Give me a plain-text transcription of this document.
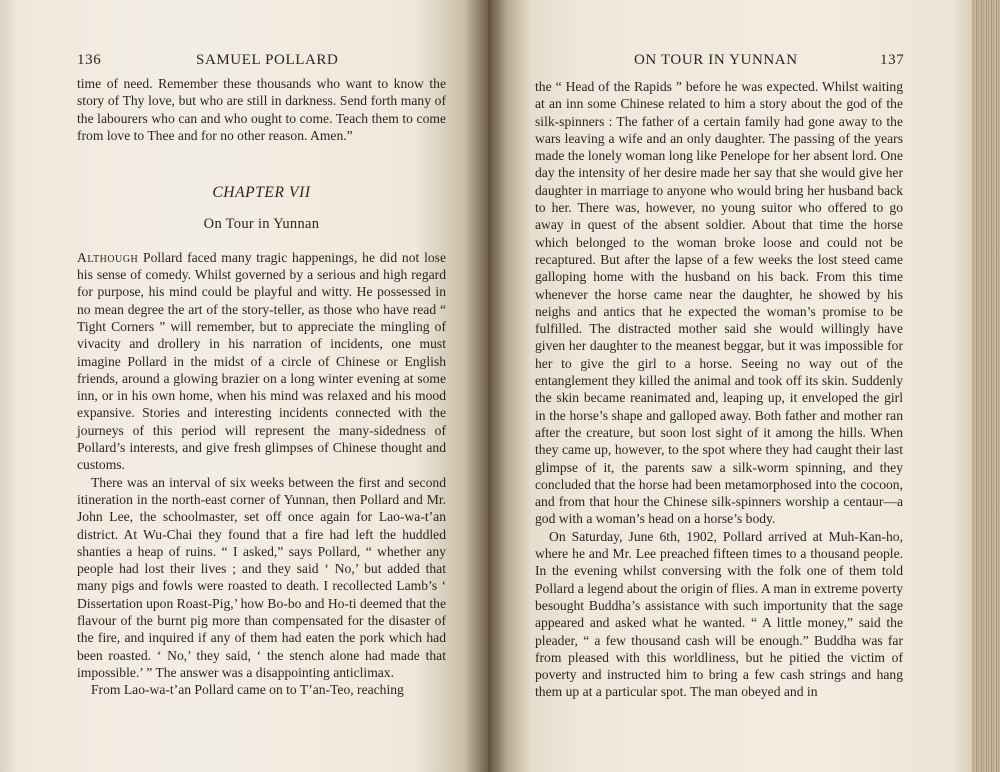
136	SAMUEL POLLARD

time of need. Remember these thousands who want to know the story of Thy love, but who are still in darkness. Send forth many of the labourers who can and who ought to come. Teach them to come from love to Thee and for no other reason. Amen.”

CHAPTER VII
On Tour in Yunnan

Although Pollard faced many tragic happenings, he did not lose his sense of comedy. Whilst governed by a serious and high regard for purpose, his mind could be playful and witty. He possessed in no mean degree the art of the story-teller, as those who have read “ Tight Corners ” will remember, but to appreciate the mingling of vivacity and drollery in his narration of incidents, one must imagine Pollard in the midst of a circle of Chinese or English friends, around a glowing brazier on a long winter evening at some inn, or in his own home, when his mind was relaxed and his mood expansive. Stories and interesting incidents connected with the journeys of this period will represent the many-sidedness of Pollard’s interests, and give fresh glimpses of Chinese thought and customs.

There was an interval of six weeks between the first and second itineration in the north-east corner of Yunnan, then Pollard and Mr. John Lee, the schoolmaster, set off once again for Lao-wa-t’an district. At Wu-Chai they found that a fire had left the huddled shanties a heap of ruins. “ I asked,” says Pollard, “ whether any people had lost their lives ; and they said ‘ No,’ but added that many pigs and fowls were roasted to death. I recollected Lamb’s ‘ Dissertation upon Roast-Pig,’ how Bo-bo and Ho-ti deemed that the flavour of the burnt pig more than compensated for the disaster of the fire, and inquired if any of them had eaten the pork which had been roasted. ‘ No,’ they said, ‘ the stench alone had made that impossible.’ ” The answer was a disappointing anticlimax.

From Lao-wa-t’an Pollard came on to T’an-Teo, reaching

ON TOUR IN YUNNAN	137

the “ Head of the Rapids ” before he was expected. Whilst waiting at an inn some Chinese related to him a story about the god of the silk-spinners : The father of a certain family had gone away to the wars leaving a wife and an only daughter. The passing of the years made the lonely woman long like Penelope for her absent lord. One day the intensity of her desire made her say that she would give her daughter in marriage to anyone who would bring her husband back to her. There was, however, no young suitor who offered to go away in quest of the absent soldier. About that time the horse which belonged to the woman broke loose and could not be recaptured. But after the lapse of a few weeks the lost steed came galloping home with the husband on his back. From this time whenever the horse came near the daughter, he showed by his neighs and antics that he expected the woman’s promise to be fulfilled. The distracted mother said she would willingly have given her daughter to the meanest beggar, but it was impossible for her to give the girl to a horse. Seeing no way out of the entanglement they killed the animal and took off its skin. Suddenly the skin became reanimated and, leaping up, it enveloped the girl in the horse’s shape and galloped away. Both father and mother ran after the creature, but soon lost sight of it among the hills. When they came up, however, to the spot where they had caught their last glimpse of it, the parents saw a silk-worm spinning, and they concluded that the horse had been metamorphosed into the cocoon, and from that hour the Chinese silk-spinners worship a centaur—a god with a woman’s head on a horse’s body.

On Saturday, June 6th, 1902, Pollard arrived at Muh-Kan-ho, where he and Mr. Lee preached fifteen times to a thousand people. In the evening whilst conversing with the folk one of them told Pollard a legend about the origin of flies. A man in extreme poverty besought Buddha’s assistance with such importunity that the sage appeared and asked what he wanted. “ A little money,” said the pleader, “ a few thousand cash will be enough.” Buddha was far from pleased with this worldliness, but he pitied the victim of poverty and instructed him to bring a few cash strings and hang them up at a particular spot. The man obeyed and in
